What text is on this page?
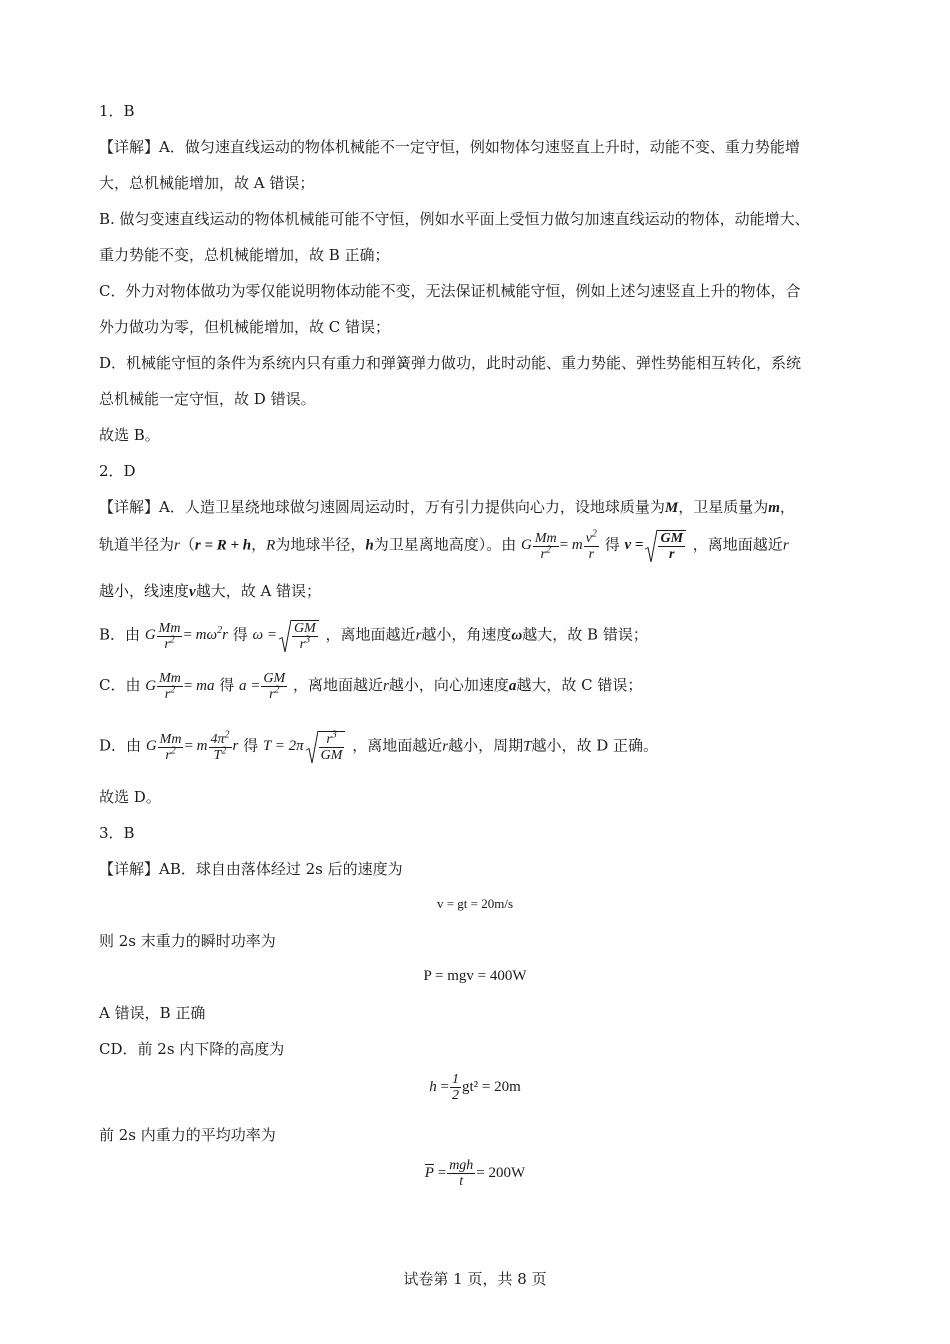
1．B
【详解】A．做匀速直线运动的物体机械能不一定守恒，例如物体匀速竖直上升时，动能不变、重力势能增
大，总机械能增加，故 A 错误；
B. 做匀变速直线运动的物体机械能可能不守恒，例如水平面上受恒力做匀加速直线运动的物体，动能增大、
重力势能不变，总机械能增加，故 B 正确；
C．外力对物体做功为零仅能说明物体动能不变，无法保证机械能守恒，例如上述匀速竖直上升的物体，合
外力做功为零，但机械能增加，故 C 错误；
D．机械能守恒的条件为系统内只有重力和弹簧弹力做功，此时动能、重力势能、弹性势能相互转化，系统
总机械能一定守恒，故 D 错误。
故选 B。
2．D
【详解】A．人造卫星绕地球做匀速圆周运动时，万有引力提供向心力，设地球质量为M，卫星质量为m，
轨道半径为r（r = R + h，R为地球半径，h为卫星离地高度）。由 G $\frac{Mm}{r^2} = m \frac{v^2}{r}$ 得 $v = \frac{GM}{r}$ ，离地面越近r
越小，线速度v越大，故 A 错误；
B．由 G $\frac{Mm}{r^2} = m\omega^2r$ 得 $\omega = \frac{GM}{r^3}$ ，离地面越近r越小，角速度ω越大，故 B 错误；
C．由 G $\frac{Mm}{r^2}$ = ma 得 $a = \frac{GM}{r^2}$ ，离地面越近r越小，向心加速度a越大，故 C 错误；
D．由 G $\frac{Mm}{r^2} = m \frac{4\pi^2}{T^2}$ r 得 $T = 2\pi \frac{r^3}{GM}$ ，离地面越近r越小，周期T越小，故 D 正确。
故选 D。
3．B
【详解】AB．球自由落体经过 2s 后的速度为
v = gt = 20m/s
则 2s 末重力的瞬时功率为
P = mgv = 400W
A 错误，B 正确
CD．前 2s 内下降的高度为
$h = \frac{1}{2} gt^2 = 20m$
前 2s 内重力的平均功率为
$\overline{P} = \frac{\text{mgh}}{t} = 200W$
试卷第 1 页，共 8 页
